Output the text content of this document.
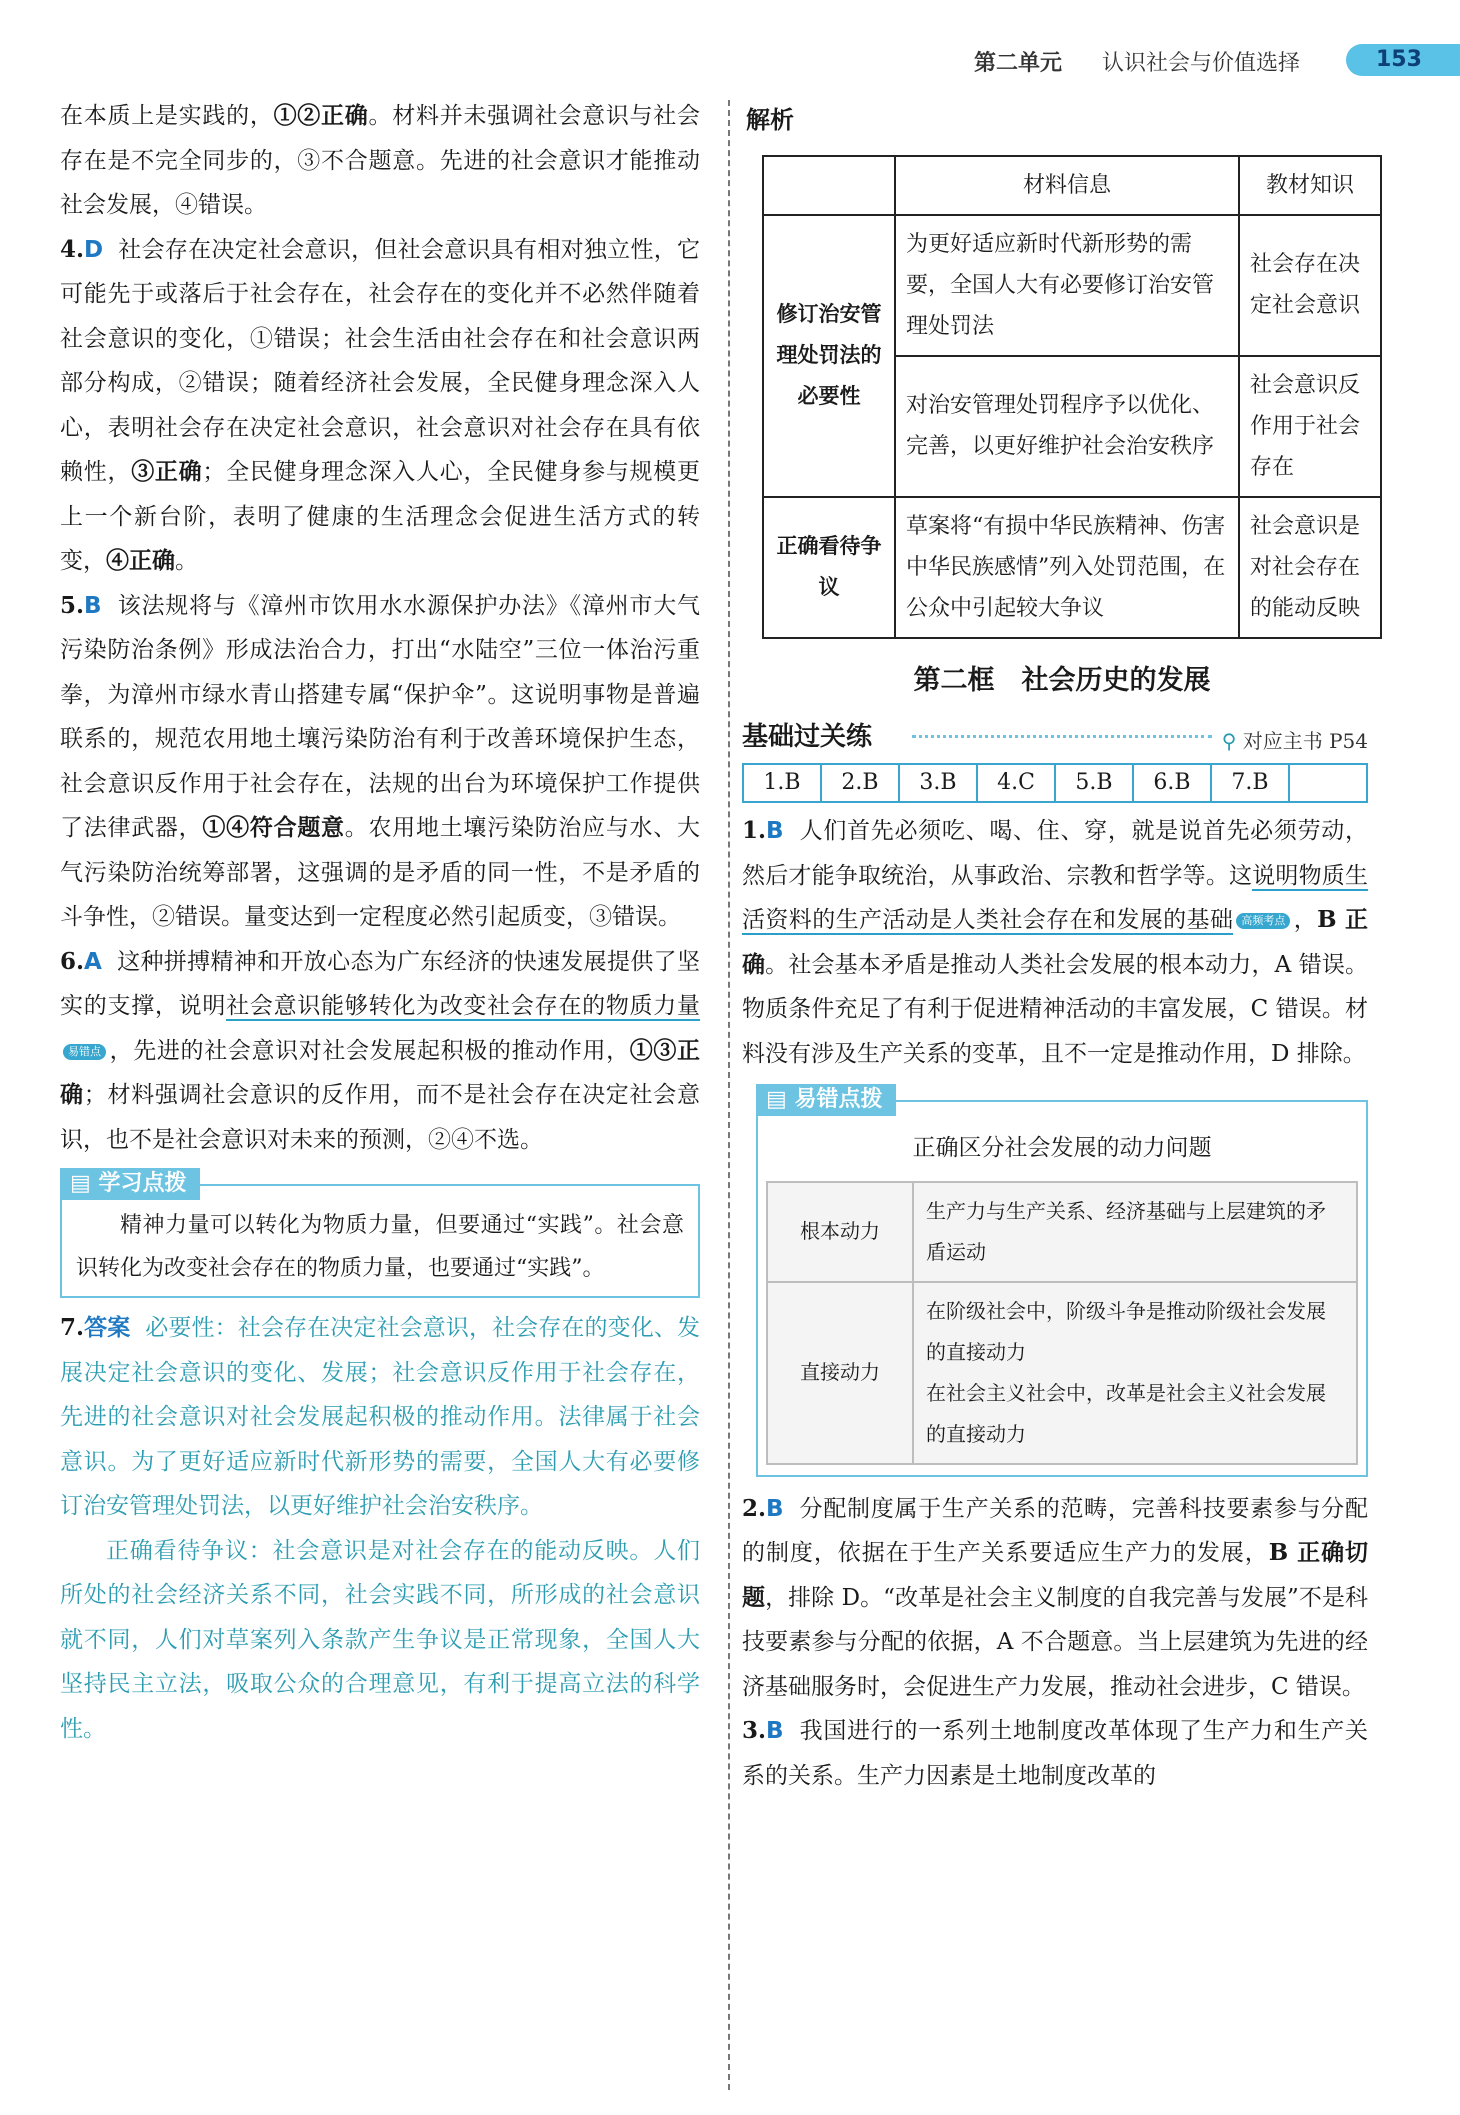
第二单元 认识社会与价值选择	153

在本质上是实践的，①②正确。材料并未强调社会意识与社会存在是不完全同步的，③不合题意。先进的社会意识才能推动社会发展，④错误。

4.D 社会存在决定社会意识，但社会意识具有相对独立性，它可能先于或落后于社会存在，社会存在的变化并不必然伴随着社会意识的变化，①错误；社会生活由社会存在和社会意识两部分构成，②错误；随着经济社会发展，全民健身理念深入人心，表明社会存在决定社会意识，社会意识对社会存在具有依赖性，③正确；全民健身理念深入人心，全民健身参与规模更上一个新台阶，表明了健康的生活理念会促进生活方式的转变，④正确。

5.B 该法规将与《漳州市饮用水水源保护办法》《漳州市大气污染防治条例》形成法治合力，打出“水陆空”三位一体治污重拳，为漳州市绿水青山搭建专属“保护伞”。这说明事物是普遍联系的，规范农用地土壤污染防治有利于改善环境保护生态，社会意识反作用于社会存在，法规的出台为环境保护工作提供了法律武器，①④符合题意。农用地土壤污染防治应与水、大气污染防治统筹部署，这强调的是矛盾的同一性，不是矛盾的斗争性，②错误。量变达到一定程度必然引起质变，③错误。

6.A 这种拼搏精神和开放心态为广东经济的快速发展提供了坚实的支撑，说明社会意识能够转化为改变社会存在的物质力量易错点 ，先进的社会意识对社会发展起积极的推动作用，①③正确；材料强调社会意识的反作用，而不是社会存在决定社会意识，也不是社会意识对未来的预测，②④不选。

▤ 学习点拨

精神力量可以转化为物质力量，但要通过“实践”。社会意识转化为改变社会存在的物质力量，也要通过“实践”。

7.答案 必要性：社会存在决定社会意识，社会存在的变化、发展决定社会意识的变化、发展；社会意识反作用于社会存在，先进的社会意识对社会发展起积极的推动作用。法律属于社会意识。为了更好适应新时代新形势的需要，全国人大有必要修订治安管理处罚法，以更好维护社会治安秩序。

正确看待争议：社会意识是对社会存在的能动反映。人们所处的社会经济关系不同，社会实践不同，所形成的社会意识就不同，人们对草案列入条款产生争议是正常现象，全国人大坚持民主立法，吸取公众的合理意见，有利于提高立法的科学性。

解析
	材料信息	教材知识
修订治安管理处罚法的必要性	为更好适应新时代新形势的需要，全国人大有必要修订治安管理处罚法	社会存在决定社会意识
	对治安管理处罚程序予以优化、完善，以更好维护社会治安秩序	社会意识反作用于社会存在
正确看待争议	草案将“有损中华民族精神、伤害中华民族感情”列入处罚范围，在公众中引起较大争议	社会意识是对社会存在的能动反映
第二框　社会历史的发展
基础过关练	⚲ 对应主书 P54
1.B	2.B	3.B	4.C	5.B	6.B	7.B

1.B 人们首先必须吃、喝、住、穿，就是说首先必须劳动，然后才能争取统治，从事政治、宗教和哲学等。这说明物质生活资料的生产活动是人类社会存在和发展的基础 高频考点 ，B 正确。社会基本矛盾是推动人类社会发展的根本动力，A 错误。物质条件充足了有利于促进精神活动的丰富发展，C 错误。材料没有涉及生产关系的变革，且不一定是推动作用，D 排除。

▤ 易错点拨
正确区分社会发展的动力问题
根本动力	生产力与生产关系、经济基础与上层建筑的矛盾运动
直接动力	在阶级社会中，阶级斗争是推动阶级社会发展的直接动力
在社会主义社会中，改革是社会主义社会发展的直接动力

2.B 分配制度属于生产关系的范畴，完善科技要素参与分配的制度，依据在于生产关系要适应生产力的发展，B 正确切题，排除 D。“改革是社会主义制度的自我完善与发展”不是科技要素参与分配的依据，A 不合题意。当上层建筑为先进的经济基础服务时，会促进生产力发展，推动社会进步，C 错误。

3.B 我国进行的一系列土地制度改革体现了生产力和生产关系的关系。生产力因素是土地制度改革的
